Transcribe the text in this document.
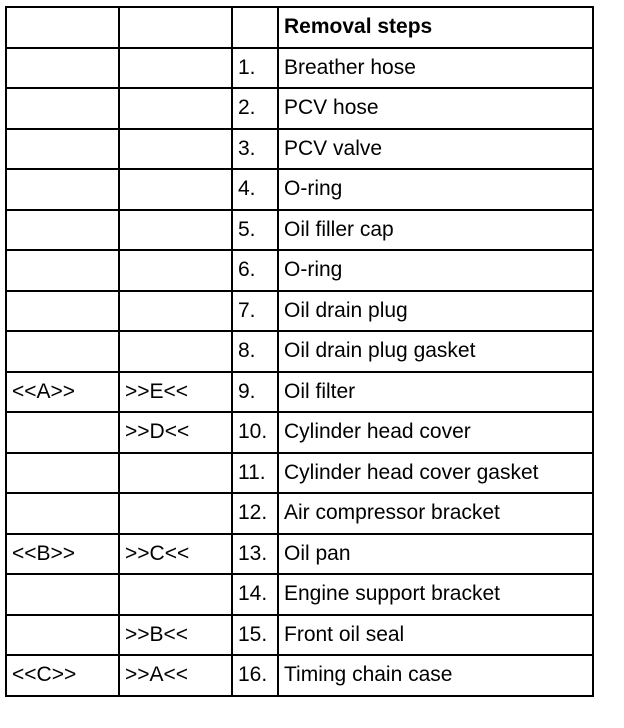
			Removal steps
		1.	Breather hose
		2.	PCV hose
		3.	PCV valve
		4.	O-ring
		5.	Oil filler cap
		6.	O-ring
		7.	Oil drain plug
		8.	Oil drain plug gasket
<<A>>	>>E<<	9.	Oil filter
	>>D<<	10.	Cylinder head cover
		11.	Cylinder head cover gasket
		12.	Air compressor bracket
<<B>>	>>C<<	13.	Oil pan
		14.	Engine support bracket
	>>B<<	15.	Front oil seal
<<C>>	>>A<<	16.	Timing chain case
